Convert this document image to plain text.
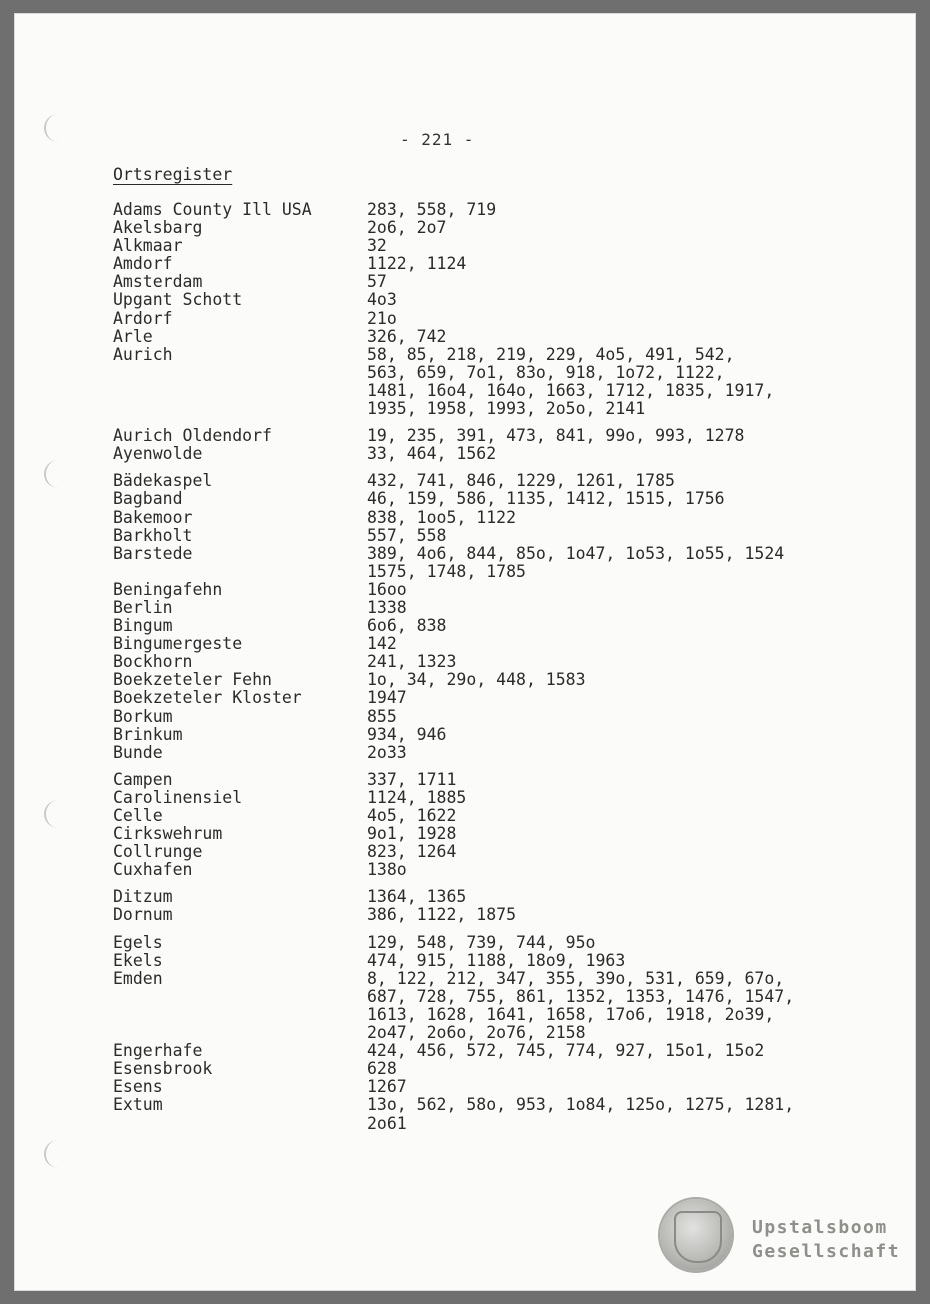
- 221 -
Ortsregister
Adams County Ill USA	283, 558, 719
Akelsbarg	2o6, 2o7
Alkmaar	32
Amdorf	1122, 1124
Amsterdam	57
Upgant Schott	4o3
Ardorf	21o
Arle	326, 742
Aurich	58, 85, 218, 219, 229, 4o5, 491, 542,
563, 659, 7o1, 83o, 918, 1o72, 1122,
1481, 16o4, 164o, 1663, 1712, 1835, 1917,
1935, 1958, 1993, 2o5o, 2141
Aurich Oldendorf	19, 235, 391, 473, 841, 99o, 993, 1278
Ayenwolde	33, 464, 1562
Bädekaspel	432, 741, 846, 1229, 1261, 1785
Bagband	46, 159, 586, 1135, 1412, 1515, 1756
Bakemoor	838, 1oo5, 1122
Barkholt	557, 558
Barstede	389, 4o6, 844, 85o, 1o47, 1o53, 1o55, 1524
1575, 1748, 1785
Beningafehn	16oo
Berlin	1338
Bingum	6o6, 838
Bingumergeste	142
Bockhorn	241, 1323
Boekzeteler Fehn	1o, 34, 29o, 448, 1583
Boekzeteler Kloster	1947
Borkum	855
Brinkum	934, 946
Bunde	2o33
Campen	337, 1711
Carolinensiel	1124, 1885
Celle	4o5, 1622
Cirkswehrum	9o1, 1928
Collrunge	823, 1264
Cuxhafen	138o
Ditzum	1364, 1365
Dornum	386, 1122, 1875
Egels	129, 548, 739, 744, 95o
Ekels	474, 915, 1188, 18o9, 1963
Emden	8, 122, 212, 347, 355, 39o, 531, 659, 67o,
687, 728, 755, 861, 1352, 1353, 1476, 1547,
1613, 1628, 1641, 1658, 17o6, 1918, 2o39,
2o47, 2o6o, 2o76, 2158
Engerhafe	424, 456, 572, 745, 774, 927, 15o1, 15o2
Esensbrook	628
Esens	1267
Extum	13o, 562, 58o, 953, 1o84, 125o, 1275, 1281,
2o61
Upstalsboom
Gesellschaft
